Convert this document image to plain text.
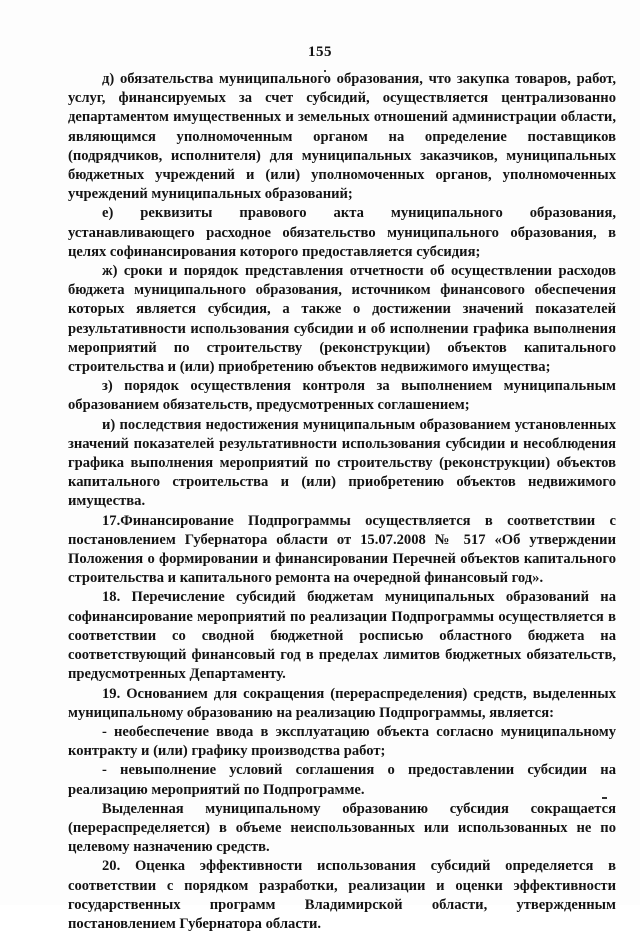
155

д) обязательства муниципального образования, что закупка товаров, работ, услуг, финансируемых за счет субсидий, осуществляется централизованно департаментом имущественных и земельных отношений администрации области, являющимся уполномоченным органом на определение поставщиков (подрядчиков, исполнителя) для муниципальных заказчиков, муниципальных бюджетных учреждений и (или) уполномоченных органов, уполномоченных учреждений муниципальных образований;

е) реквизиты правового акта муниципального образования, устанавливающего расходное обязательство муниципального образования, в целях софинансирования которого предоставляется субсидия;

ж) сроки и порядок представления отчетности об осуществлении расходов бюджета муниципального образования, источником финансового обеспечения которых является субсидия, а также о достижении значений показателей результативности использования субсидии и об исполнении графика выполнения мероприятий по строительству (реконструкции) объектов капитального строительства и (или) приобретению объектов недвижимого имущества;

з) порядок осуществления контроля за выполнением муниципальным образованием обязательств, предусмотренных соглашением;

и) последствия недостижения муниципальным образованием установленных значений показателей результативности использования субсидии и несоблюдения графика выполнения мероприятий по строительству (реконструкции) объектов капитального строительства и (или) приобретению объектов недвижимого имущества.

17.Финансирование Подпрограммы осуществляется в соответствии с постановлением Губернатора области от 15.07.2008 № 517 «Об утверждении Положения о формировании и финансировании Перечней объектов капитального строительства и капитального ремонта на очередной финансовый год».

18. Перечисление субсидий бюджетам муниципальных образований на софинансирование мероприятий по реализации Подпрограммы осуществляется в соответствии со сводной бюджетной росписью областного бюджета на соответствующий финансовый год в пределах лимитов бюджетных обязательств, предусмотренных Департаменту.

19. Основанием для сокращения (перераспределения) средств, выделенных муниципальному образованию на реализацию Подпрограммы, является:

- необеспечение ввода в эксплуатацию объекта согласно муниципальному контракту и (или) графику производства работ;

- невыполнение условий соглашения о предоставлении субсидии на реализацию мероприятий по Подпрограмме.

Выделенная муниципальному образованию субсидия сокращается (перераспределяется) в объеме неиспользованных или использованных не по целевому назначению средств.

20. Оценка эффективности использования субсидий определяется в соответствии с порядком разработки, реализации и оценки эффективности государственных программ Владимирской области, утвержденным постановлением Губернатора области.
